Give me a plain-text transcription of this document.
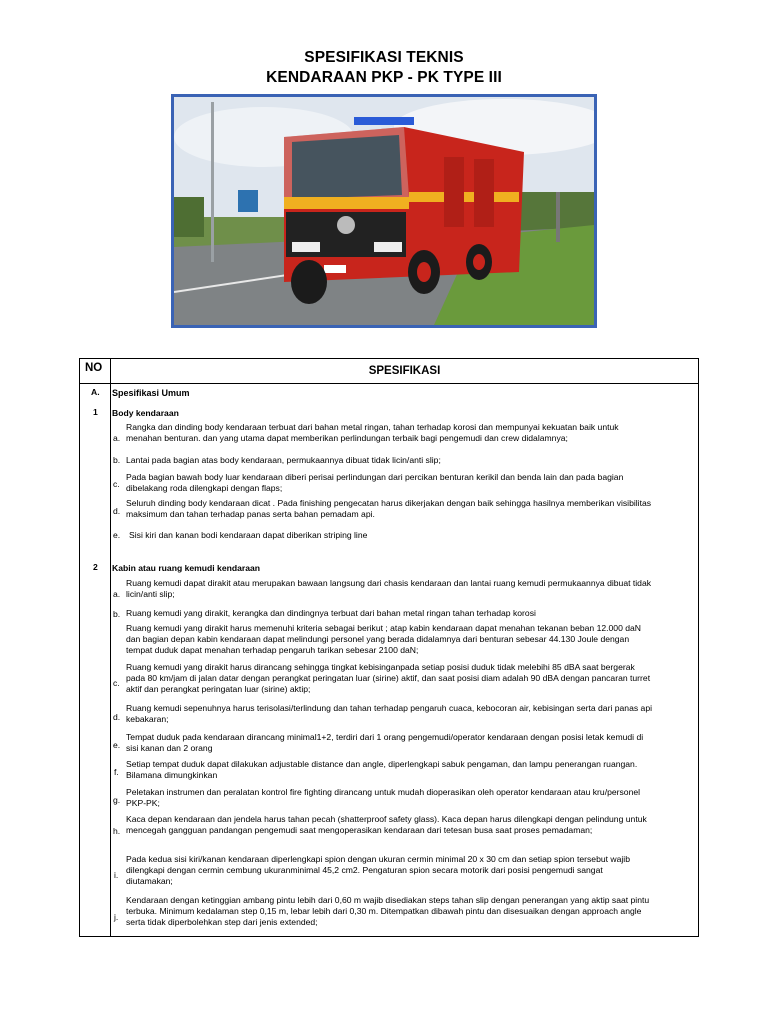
SPESIFIKASI TEKNIS
KENDARAAN PKP - PK TYPE III
NO	SPESIFIKASI
A. Spesifikasi Umum
1 Body kendaraan
a.
Rangka dan dinding body kendaraan terbuat dari bahan metal ringan, tahan terhadap korosi dan mempunyai kekuatan baik untuk
menahan benturan. dan yang utama dapat memberikan perlindungan terbaik bagi pengemudi dan crew didalamnya;
b. Lantai pada bagian atas body kendaraan, permukaannya dibuat tidak licin/anti slip;
c.
Pada bagian bawah body luar kendaraan diberi perisai perlindungan dari percikan benturan kerikil dan benda lain dan pada bagian
dibelakang roda dilengkapi dengan flaps;
d.
Seluruh dinding body kendaraan dicat . Pada finishing pengecatan harus dikerjakan dengan baik sehingga hasilnya memberikan visibilitas
maksimum dan tahan terhadap panas serta bahan pemadam api.
e. Sisi kiri dan kanan bodi kendaraan dapat diberikan striping line
2 Kabin atau ruang kemudi kendaraan
a.
Ruang kemudi dapat dirakit atau merupakan bawaan langsung dari chasis kendaraan dan lantai ruang kemudi permukaannya dibuat tidak
licin/anti slip;
b. Ruang kemudi yang dirakit, kerangka dan dindingnya terbuat dari bahan metal ringan tahan terhadap korosi
Ruang kemudi yang dirakit harus memenuhi kriteria sebagai berikut ; atap kabin kendaraan dapat menahan tekanan beban 12.000 daN
dan bagian depan kabin kendaraan dapat melindungi personel yang berada didalamnya dari benturan sebesar 44.130 Joule dengan
tempat duduk dapat menahan terhadap pengaruh tarikan sebesar 2100 daN;
c.
Ruang kemudi yang dirakit harus dirancang sehingga tingkat kebisinganpada setiap posisi duduk tidak melebihi 85 dBA saat bergerak
pada 80 km/jam di jalan datar dengan perangkat peringatan luar (sirine) aktif, dan saat posisi diam adalah 90 dBA dengan pancaran turret
aktif dan perangkat peringatan luar (sirine) aktip;
d.
Ruang kemudi sepenuhnya harus terisolasi/terlindung dan tahan terhadap pengaruh cuaca, kebocoran air, kebisingan serta dari panas api
kebakaran;
e.
Tempat duduk pada kendaraan dirancang minimal1+2, terdiri dari 1 orang pengemudi/operator kendaraan dengan posisi letak kemudi di
sisi kanan dan 2 orang
f.
Setiap tempat duduk dapat dilakukan adjustable distance dan angle, diperlengkapi sabuk pengaman, dan lampu penerangan ruangan.
Bilamana dimungkinkan
g.
Peletakan instrumen dan peralatan kontrol fire fighting dirancang untuk mudah dioperasikan oleh operator kendaraan atau kru/personel
PKP-PK;
h.
Kaca depan kendaraan dan jendela harus tahan pecah (shatterproof safety glass). Kaca depan harus dilengkapi dengan pelindung untuk
mencegah gangguan pandangan pengemudi saat mengoperasikan kendaraan dari tetesan busa saat proses pemadaman;
i.
Pada kedua sisi kiri/kanan kendaraan diperlengkapi spion dengan ukuran cermin minimal 20 x 30 cm dan setiap spion tersebut wajib
dilengkapi dengan cermin cembung ukuranminimal 45,2 cm2. Pengaturan spion secara motorik dari posisi pengemudi sangat
diutamakan;
j.
Kendaraan dengan ketinggian ambang pintu lebih dari 0,60 m wajib disediakan steps tahan slip dengan penerangan yang aktip saat pintu
terbuka. Minimum kedalaman step 0,15 m, lebar lebih dari 0,30 m. Ditempatkan dibawah pintu dan disesuaikan dengan approach angle
serta tidak diperbolehkan step dari jenis extended;
